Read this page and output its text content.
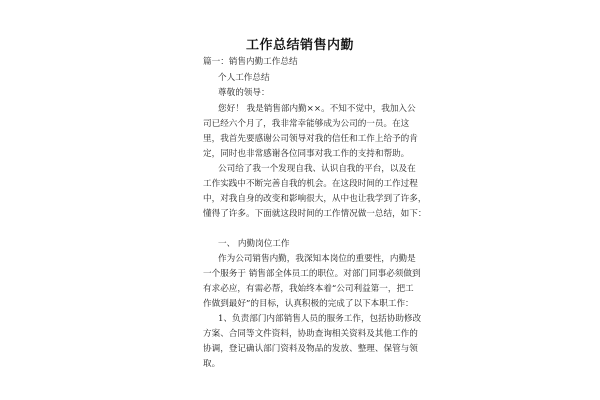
工作总结销售内勤
篇一：销售内勤工作总结
个人工作总结
尊敬的领导：
您好！ 我是销售部内勤××。不知不觉中，我加入公
司已经六个月了，我非常幸能够成为公司的一员。在这
里，我首先要感谢公司领导对我的信任和工作上给予的肯
定，同时也非常感谢各位同事对我工作的支持和帮助。
公司给了我一个发现自我、认识自我的平台，以及在
工作实践中不断完善自我的机会。在这段时间的工作过程
中，对我自身的改变和影响很大，从中也让我学到了许多，
懂得了许多。下面就这段时间的工作情况做一总结，如下：
一、 内勤岗位工作
作为公司销售内勤，我深知本岗位的重要性，内勤是
一个服务于 销售部全体员工的职位。对部门同事必须做到
有求必应，有需必帮，我始终本着“公司利益第一，把工
作做到最好”的目标，认真积极的完成了以下本职工作：
1、负责部门内部销售人员的服务工作，包括协助修改
方案、合同等文件资料，协助查询相关资料及其他工作的
协调，登记确认部门资料及物品的发放、整理、保管与领
取。
